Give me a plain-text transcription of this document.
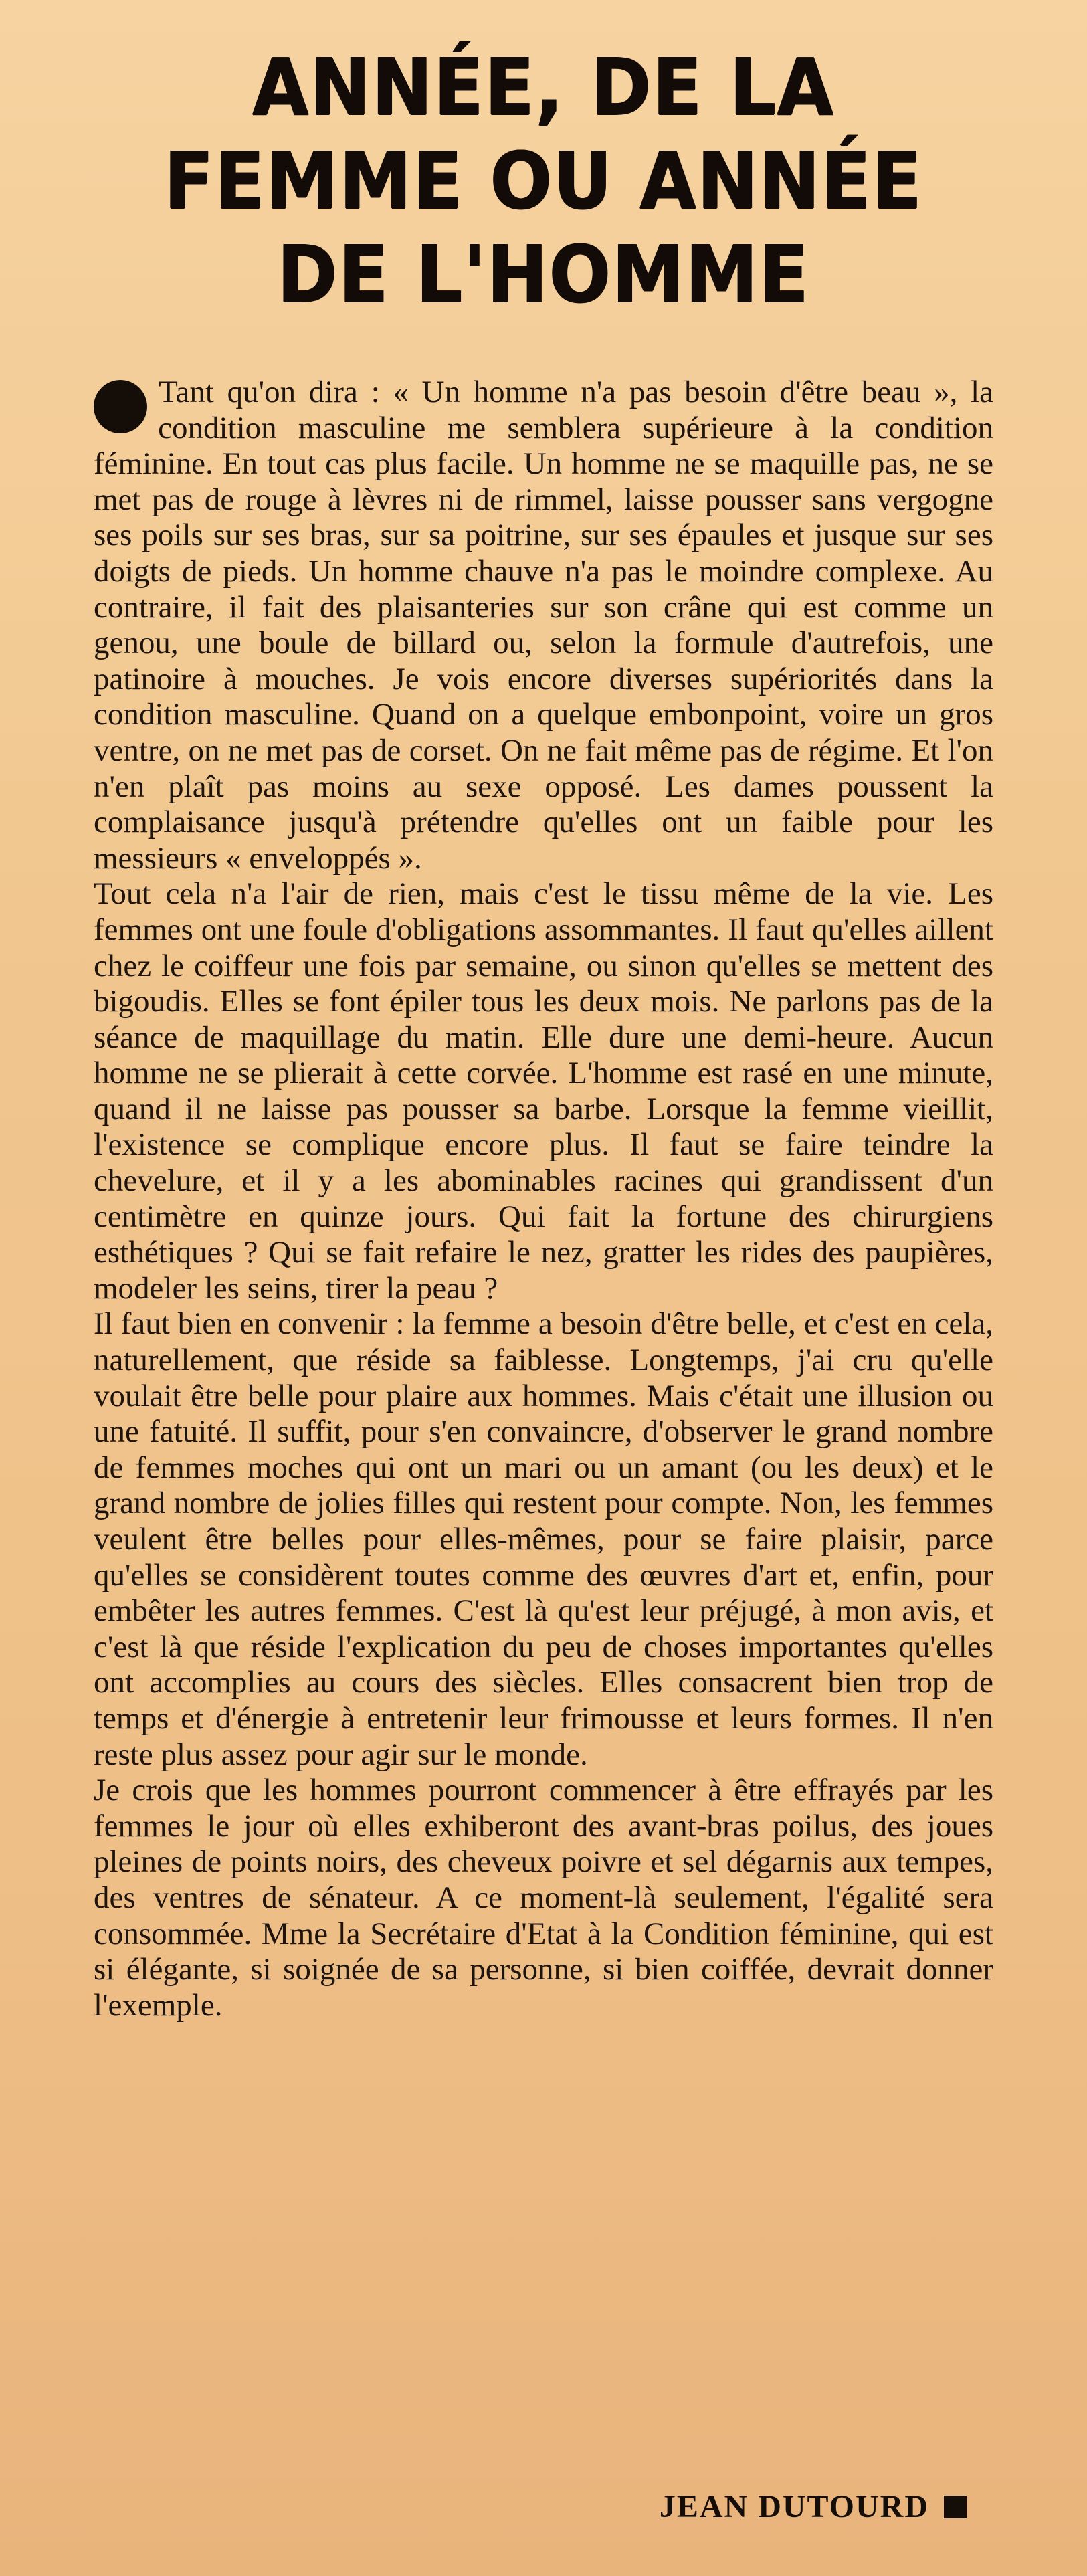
ANNÉE, DE LA
FEMME OU ANNÉE
DE L'HOMME

Tant qu'on dira : « Un homme n'a pas besoin d'être beau », la condition masculine me semblera supérieure à la condition féminine. En tout cas plus facile. Un homme ne se maquille pas, ne se met pas de rouge à lèvres ni de rimmel, laisse pousser sans vergogne ses poils sur ses bras, sur sa poitrine, sur ses épaules et jusque sur ses doigts de pieds. Un homme chauve n'a pas le moindre complexe. Au contraire, il fait des plaisanteries sur son crâne qui est comme un genou, une boule de billard ou, selon la formule d'autrefois, une patinoire à mouches. Je vois encore diverses supériorités dans la condition masculine. Quand on a quelque embonpoint, voire un gros ventre, on ne met pas de corset. On ne fait même pas de régime. Et l'on n'en plaît pas moins au sexe opposé. Les dames poussent la complaisance jusqu'à prétendre qu'elles ont un faible pour les messieurs « enveloppés ».

Tout cela n'a l'air de rien, mais c'est le tissu même de la vie. Les femmes ont une foule d'obligations assommantes. Il faut qu'elles aillent chez le coiffeur une fois par semaine, ou sinon qu'elles se mettent des bigoudis. Elles se font épiler tous les deux mois. Ne parlons pas de la séance de maquillage du matin. Elle dure une demi-heure. Aucun homme ne se plierait à cette corvée. L'homme est rasé en une minute, quand il ne laisse pas pousser sa barbe. Lorsque la femme vieillit, l'existence se complique encore plus. Il faut se faire teindre la chevelure, et il y a les abominables racines qui grandissent d'un centimètre en quinze jours. Qui fait la fortune des chirurgiens esthétiques ? Qui se fait refaire le nez, gratter les rides des paupières, modeler les seins, tirer la peau ?

Il faut bien en convenir : la femme a besoin d'être belle, et c'est en cela, naturellement, que réside sa faiblesse. Longtemps, j'ai cru qu'elle voulait être belle pour plaire aux hommes. Mais c'était une illusion ou une fatuité. Il suffit, pour s'en convaincre, d'observer le grand nombre de femmes moches qui ont un mari ou un amant (ou les deux) et le grand nombre de jolies filles qui restent pour compte. Non, les femmes veulent être belles pour elles-mêmes, pour se faire plaisir, parce qu'elles se considèrent toutes comme des œuvres d'art et, enfin, pour embêter les autres femmes. C'est là qu'est leur préjugé, à mon avis, et c'est là que réside l'explication du peu de choses importantes qu'elles ont accomplies au cours des siècles. Elles consacrent bien trop de temps et d'énergie à entretenir leur frimousse et leurs formes. Il n'en reste plus assez pour agir sur le monde.

Je crois que les hommes pourront commencer à être effrayés par les femmes le jour où elles exhiberont des avant-bras poilus, des joues pleines de points noirs, des cheveux poivre et sel dégarnis aux tempes, des ventres de sénateur. A ce moment-là seulement, l'égalité sera consommée. Mme la Secrétaire d'Etat à la Condition féminine, qui est si élégante, si soignée de sa personne, si bien coiffée, devrait donner l'exemple.

JEAN DUTOURD
